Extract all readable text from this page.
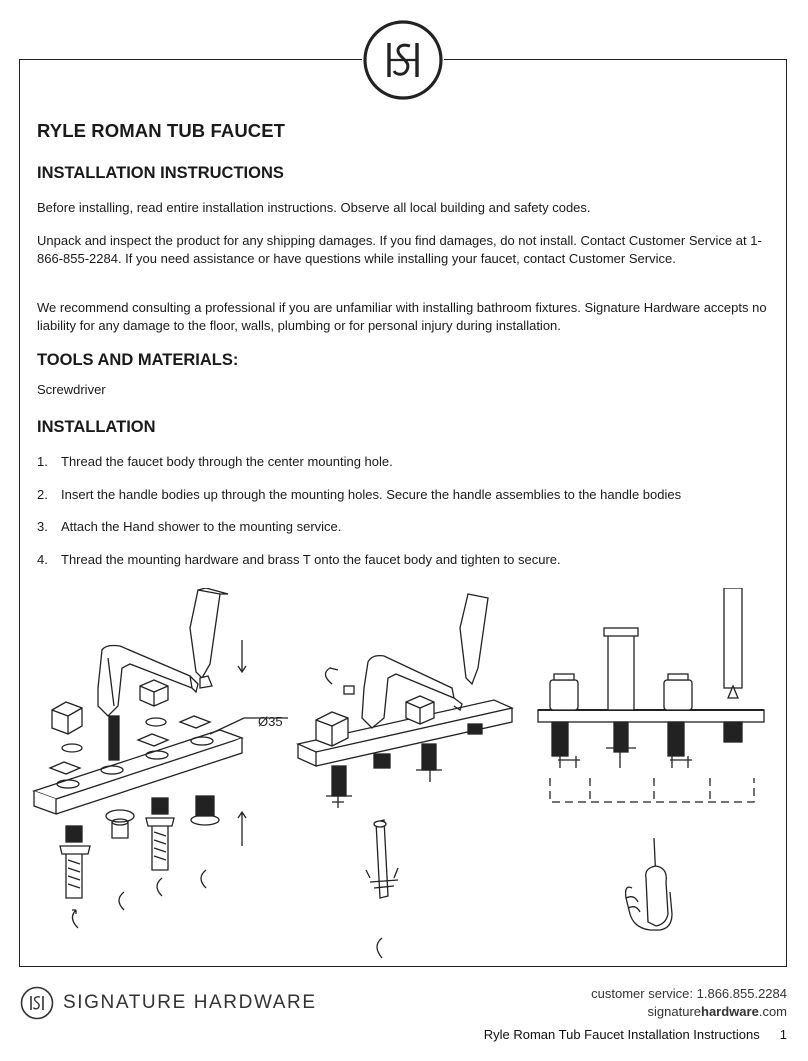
RYLE ROMAN TUB FAUCET
INSTALLATION INSTRUCTIONS

Before installing, read entire installation instructions. Observe all local building and safety codes.

Unpack and inspect the product for any shipping damages. If you find damages, do not install. Contact Customer Service at 1-866-855-2284. If you need assistance or have questions while installing your faucet, contact Customer Service.

We recommend consulting a professional if you are unfamiliar with installing bathroom fixtures. Signature Hardware accepts no liability for any damage to the floor, walls, plumbing or for personal injury during installation.

TOOLS AND MATERIALS:

Screwdriver

INSTALLATION
1.	Thread the faucet body through the center mounting hole.
2.	Insert the handle bodies up through the mounting holes. Secure the handle assemblies to the handle bodies
3.	Attach the Hand shower to the mounting service.
4.	Thread the mounting hardware and brass T onto the faucet body and tighten to secure.
Ø35
SIGNATURE HARDWARE	customer service: 1.866.855.2284
signaturehardware.com
Ryle Roman Tub Faucet Installation Instructions 1
